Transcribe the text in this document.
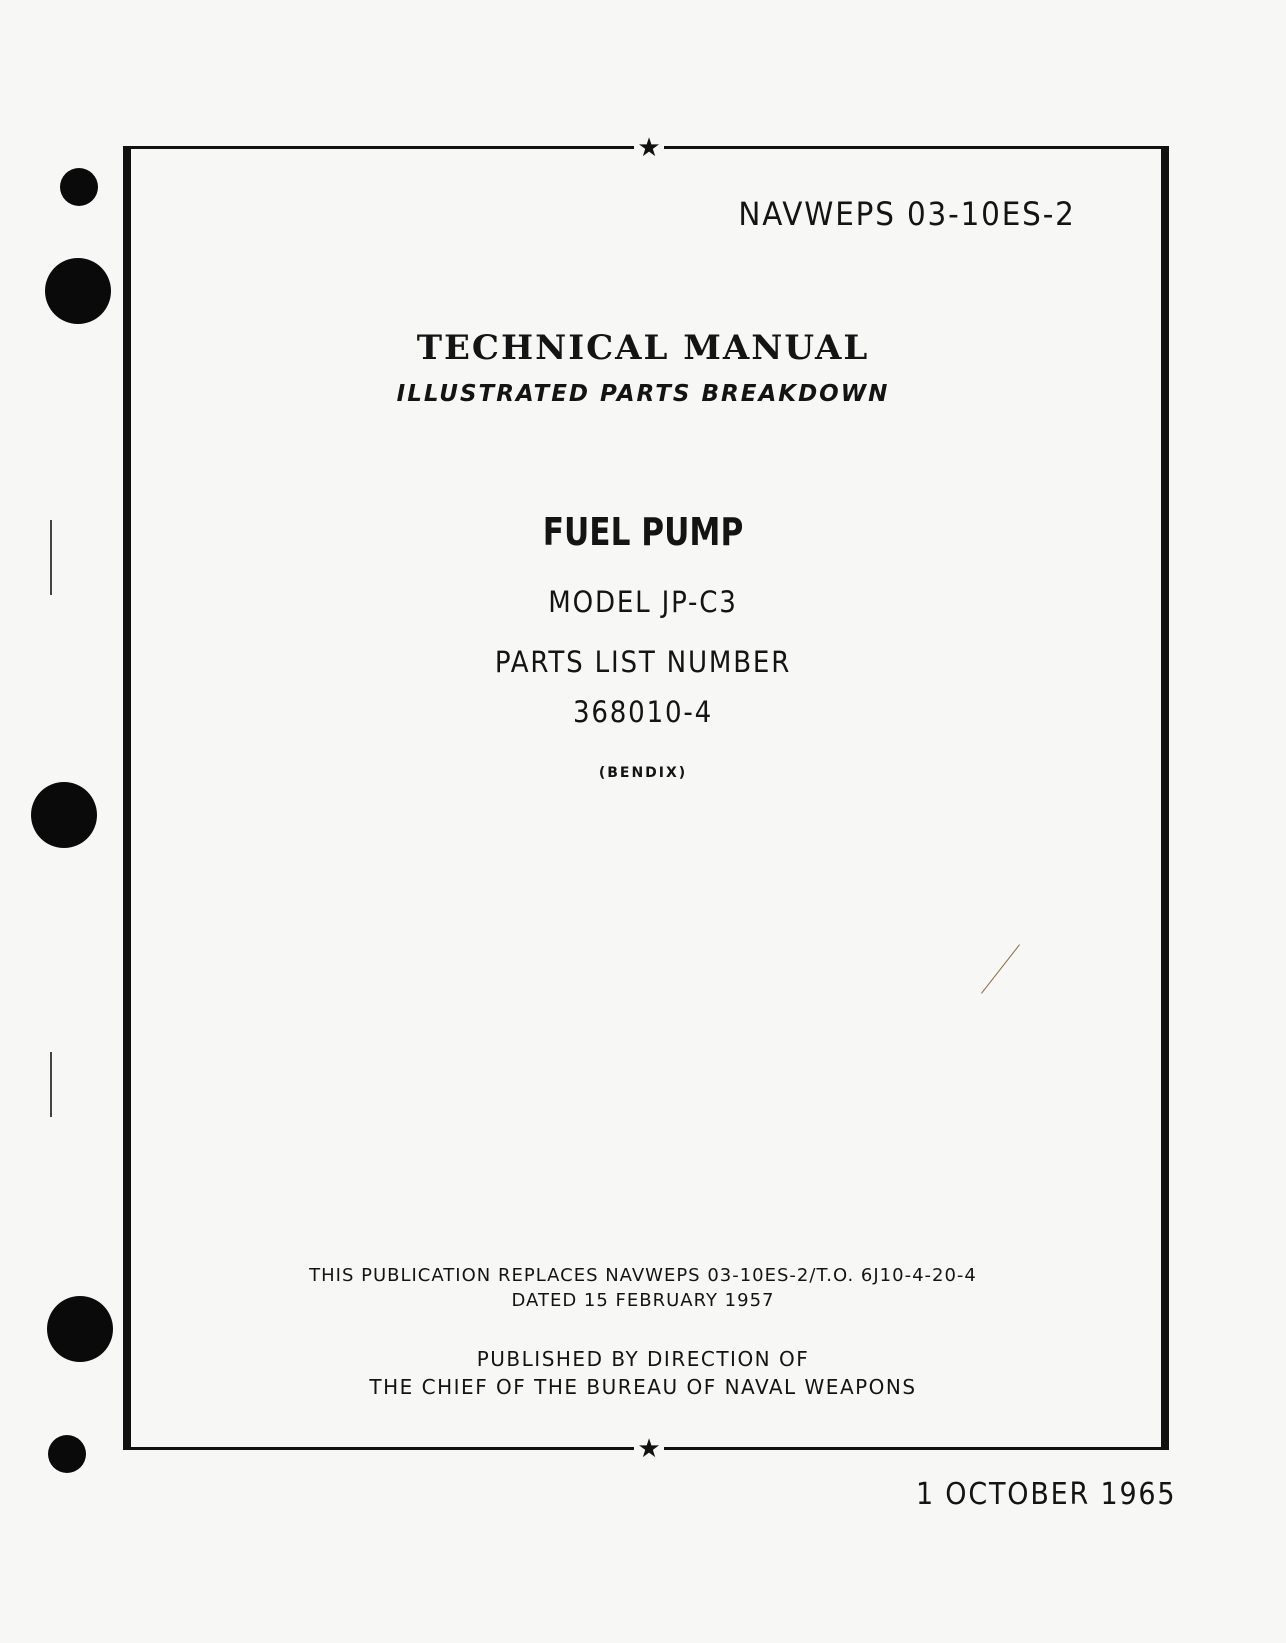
★
★

NAVWEPS 03-10ES-2

TECHNICAL MANUAL

ILLUSTRATED PARTS BREAKDOWN

FUEL PUMP

MODEL JP-C3

PARTS LIST NUMBER

368010-4

(BENDIX)

THIS PUBLICATION REPLACES NAVWEPS 03-10ES-2/T.O. 6J10-4-20-4

DATED 15 FEBRUARY 1957

PUBLISHED BY DIRECTION OF

THE CHIEF OF THE BUREAU OF NAVAL WEAPONS

1 OCTOBER 1965
